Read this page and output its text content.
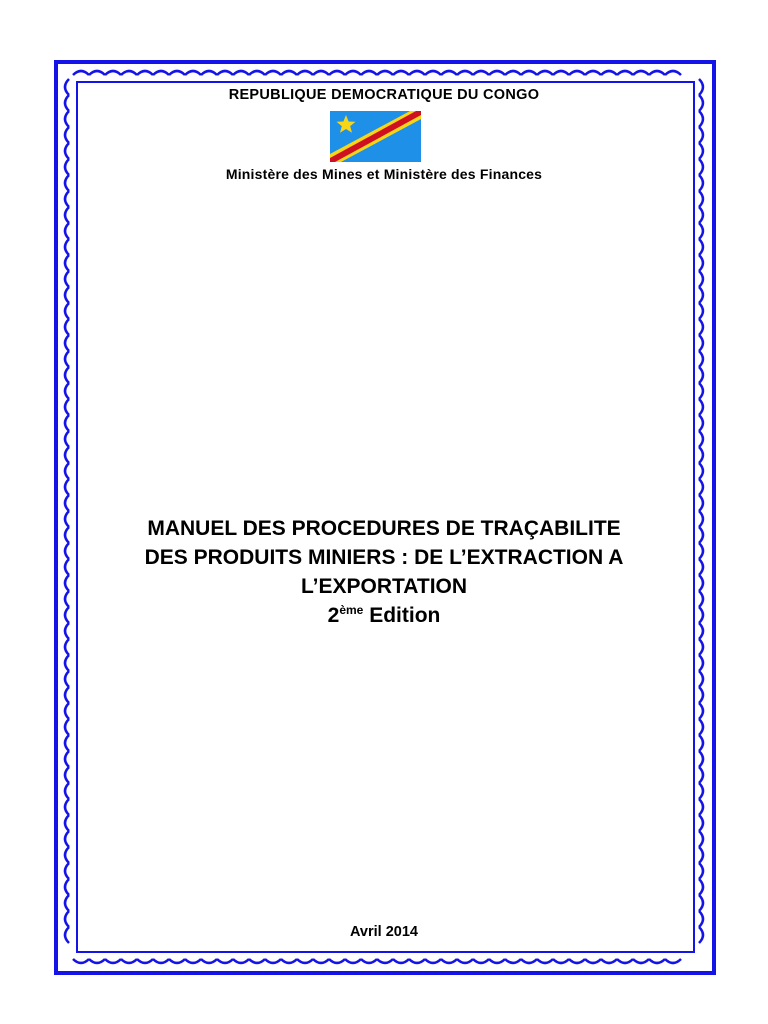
REPUBLIQUE DEMOCRATIQUE DU CONGO
Ministère des Mines et Ministère des Finances
MANUEL DES PROCEDURES DE TRAÇABILITE
DES PRODUITS MINIERS : DE L’EXTRACTION A
L’EXPORTATION
2ème Edition
Avril 2014
